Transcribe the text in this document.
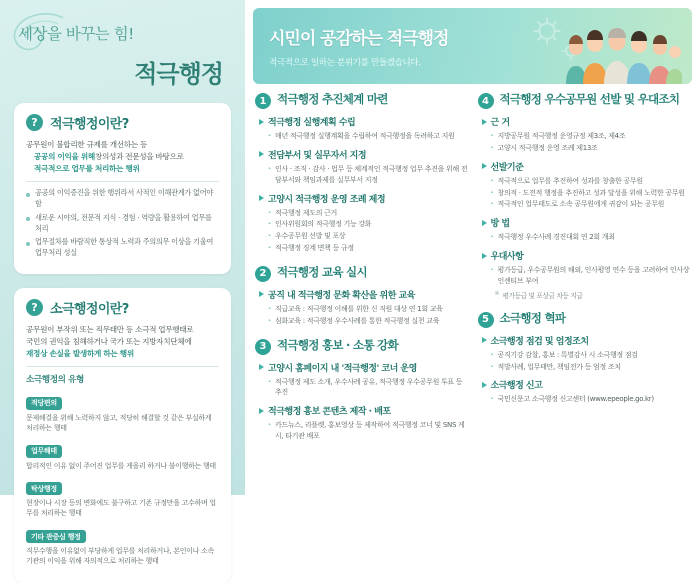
세상을 바꾸는 힘!
적극행정
? 적극행정이란?
공무원이 불합리한 규제를 개선하는 등
공공의 이익을 위해창의성과 전문성을 바탕으로
적극적으로 업무를 처리하는 행위
공공의 이익증진을 위한 행위라서 사적인 이해관계가 없어야 함
새로운 시야의, 전문적 지식 · 경험 · 역량을 활용하여 업무를 처리
업무절차를 바람직한 통상적 노력과 주의의무 이상을 기울여 업무처리 성실
? 소극행정이란?
공무원이 부작위 또는 직무태만 등 소극적 업무행태로
국민의 권익을 침해하거나 국가 또는 지방자치단체에
재정상 손실을 발생하게 하는 행위
소극행정의 유형
적당편의
문제해결을 위해 노력하지 않고, 적당히 해결할 것 같은 부실하게 처리하는 행태
업무해태
합리적인 이유 없이 주어진 업무를 게을리 하거나 불이행하는 행태
탁상행정
현장이나 시장 등의 변화에도 불구하고 기존 규정만을 고수하며 업무를 처리하는 행태
기타 관중심 행정
직무수행을 이유없이 부당하게 업무를 처리하거나, 본인이나 소속기관의 이익을 위해 자의적으로 처리하는 행태
시민이 공감하는 적극행정
적극적으로 일하는 분위기를 만들겠습니다.
1 적극행정 추진체계 마련
적극행정 실행계획 수립
· 매년 적극행정 실행계획을 수립하여 적극행정을 독려하고 지원
전담부서 및 실무자서 지정
· 인사 · 조직 · 감사 · 법무 등 체계적인 적극행정 업무 추진을 위해 전담부서와 책임과제를 실무부서 지정
고양시 적극행정 운영 조례 제정
· 적극행정 제도의 근거
· 인사위원회의 적극행정 기능 강화
· 우수공무원 선발 및 포상
· 적극행정 징계 면책 등 규정
2 적극행정 교육 실시
공직 내 적극행정 문화 확산을 위한 교육
· 직급교육 : 적극행정 이해를 위한 신 직원 대상 연 1회 교육
· 심화교육 : 적극행정 우수사례를 통한 적극행정 실천 교육
3 적극행정 홍보 · 소통 강화
고양시 홈페이지 내 '적극행정' 코너 운영
· 적극행정 제도 소개, 우수사례 공유, 적극행정 우수공무원 투표 등 추진
적극행정 홍보 콘텐츠 제작 · 배포
· 카드뉴스, 리플렛, 홍보영상 등 제작하여 적극행정 코너 및 SNS 게시, 타기관 배포
4 적극행정 우수공무원 선발 및 우대조치
근 거
· 지방공무원 적극행정 운영규정 제3조, 제4조
· 고양시 적극행정 운영 조례 제13조
선발기준
· 적극적으로 업무를 추진하여 성과를 창출한 공무원
· 창의적 · 도전적 행정을 추진하고 성과 달성을 위해 노력한 공무원
· 적극적인 업무태도로 소속 공무원에게 귀감이 되는 공무원
방 법
· 적극행정 우수사례 경진대회 연 2회 개최
우대사항
· 평가등급, 우수공무원의 해외, 인사평영 연수 등을 고려하여 인사상 인센티브 부여
※ 평가등급 및 포상금 차등 지급
5 소극행정 혁파
소극행정 점검 및 엄정조치
· 공직기강 감찰, 홍보 : 특별감사 시 소극행정 점검
· 적발사례, 업무태만, 책임전가 등 엄정 조치
소극행정 신고
· 국민신문고 소극행정 신고센터 (www.epeople.go.kr)
